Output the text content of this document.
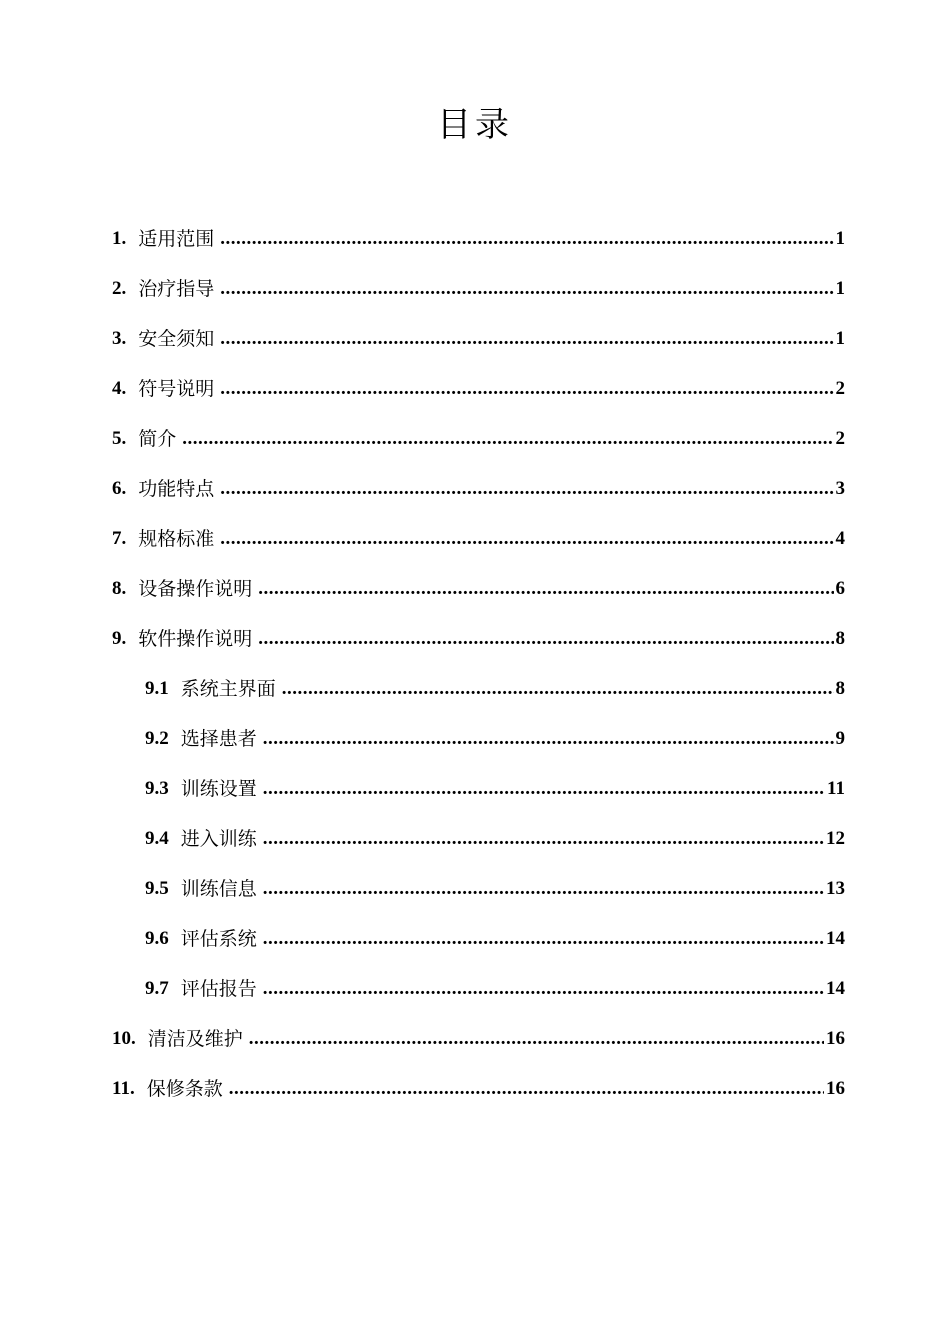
目录
1. 适用范围 .....	1
2. 治疗指导 .....	1
3. 安全须知 .....	1
4. 符号说明 .....	2
5. 简介 .....	2
6. 功能特点 .....	3
7. 规格标准 .....	4
8. 设备操作说明 .....	6
9. 软件操作说明 .....	8
9.1 系统主界面 .....	8
9.2 选择患者 .....	9
9.3 训练设置 .....	11
9.4 进入训练 .....	12
9.5 训练信息 .....	13
9.6 评估系统 .....	14
9.7 评估报告 .....	14
10. 清洁及维护 .....	16
11. 保修条款 .....	16
